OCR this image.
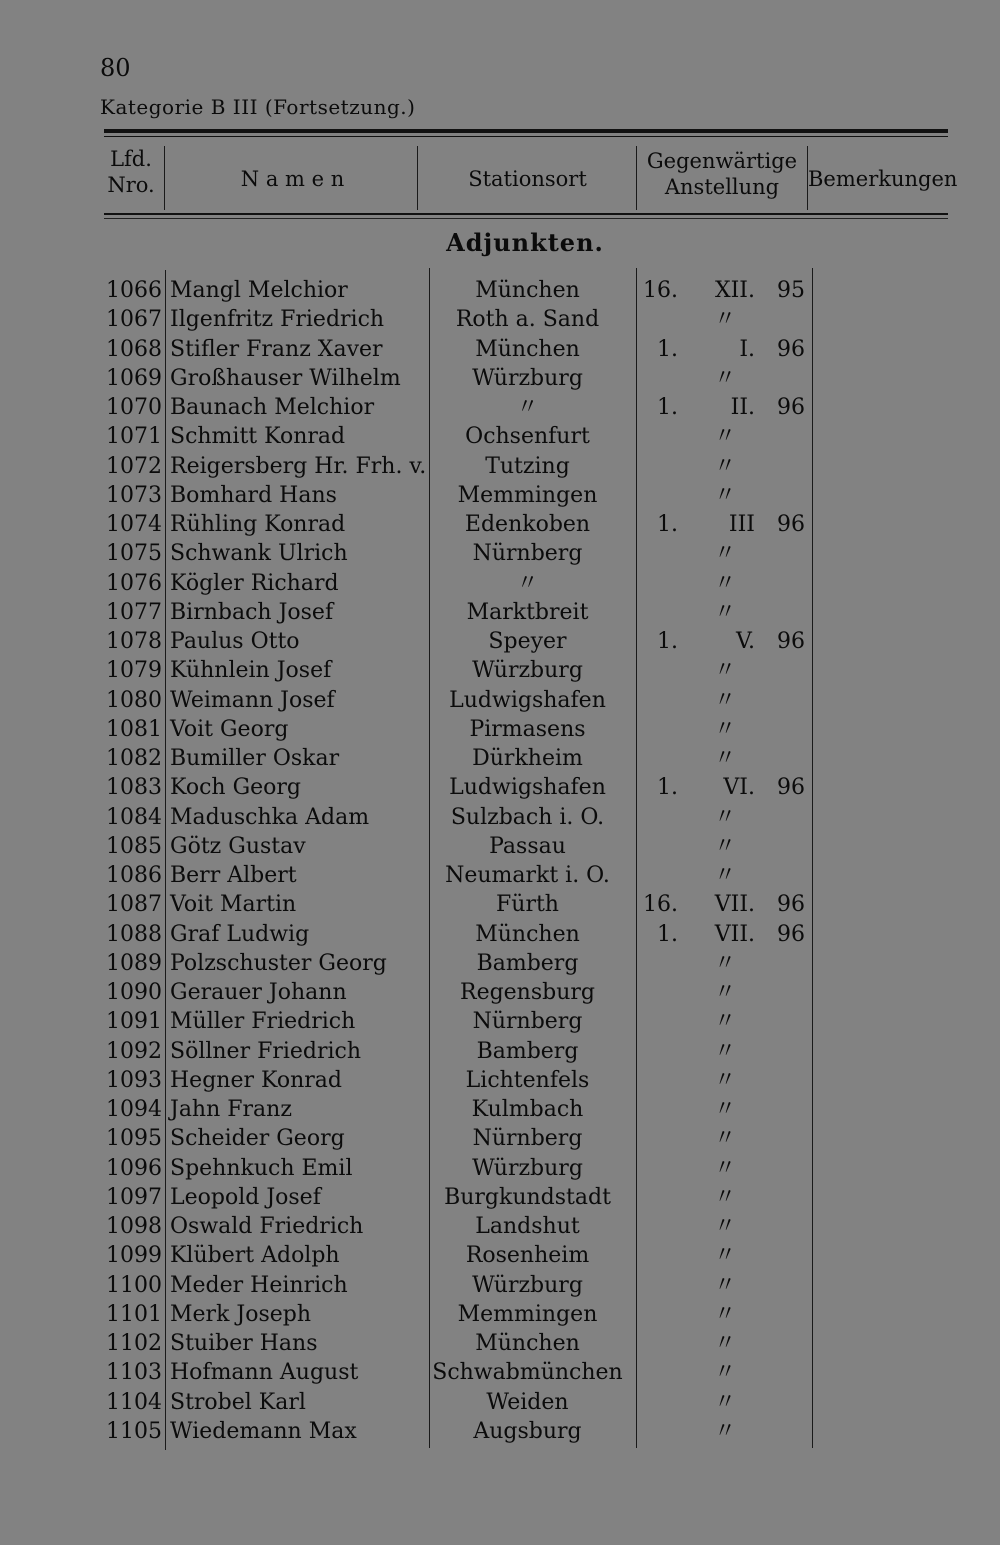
80
Kategorie B III (Fortsetzung.)
Lfd.
Nro.	N a m e n	Stationsort
Gegenwärtige
Anstellung	Bemerkungen
Adjunkten.
1066 Mangl Melchior	München	16.	XII.	95
1067 Ilgenfritz Friedrich	Roth a. Sand	〃
1068 Stifler Franz Xaver	München	1.	I.	96
1069 Großhauser Wilhelm	Würzburg	〃
1070 Baunach Melchior	〃	1.	II.	96
1071 Schmitt Konrad	Ochsenfurt	〃
1072 Reigersberg Hr. Frh. v.	Tutzing	〃
1073 Bomhard Hans	Memmingen	〃
1074 Rühling Konrad	Edenkoben	1.	III	96
1075 Schwank Ulrich	Nürnberg	〃
1076 Kögler Richard	〃	〃
1077 Birnbach Josef	Marktbreit	〃
1078 Paulus Otto	Speyer	1.	V.	96
1079 Kühnlein Josef	Würzburg	〃
1080 Weimann Josef	Ludwigshafen	〃
1081 Voit Georg	Pirmasens	〃
1082 Bumiller Oskar	Dürkheim	〃
1083 Koch Georg	Ludwigshafen	1.	VI.	96
1084 Maduschka Adam	Sulzbach i. O.	〃
1085 Götz Gustav	Passau	〃
1086 Berr Albert	Neumarkt i. O.	〃
1087 Voit Martin	Fürth	16.	VII.	96
1088 Graf Ludwig	München	1.	VII.	96
1089 Polzschuster Georg	Bamberg	〃
1090 Gerauer Johann	Regensburg	〃
1091 Müller Friedrich	Nürnberg	〃
1092 Söllner Friedrich	Bamberg	〃
1093 Hegner Konrad	Lichtenfels	〃
1094 Jahn Franz	Kulmbach	〃
1095 Scheider Georg	Nürnberg	〃
1096 Spehnkuch Emil	Würzburg	〃
1097 Leopold Josef	Burgkundstadt	〃
1098 Oswald Friedrich	Landshut	〃
1099 Klübert Adolph	Rosenheim	〃
1100 Meder Heinrich	Würzburg	〃
1101 Merk Joseph	Memmingen	〃
1102 Stuiber Hans	München	〃
1103 Hofmann August	Schwabmünchen	〃
1104 Strobel Karl	Weiden	〃
1105 Wiedemann Max	Augsburg	〃
